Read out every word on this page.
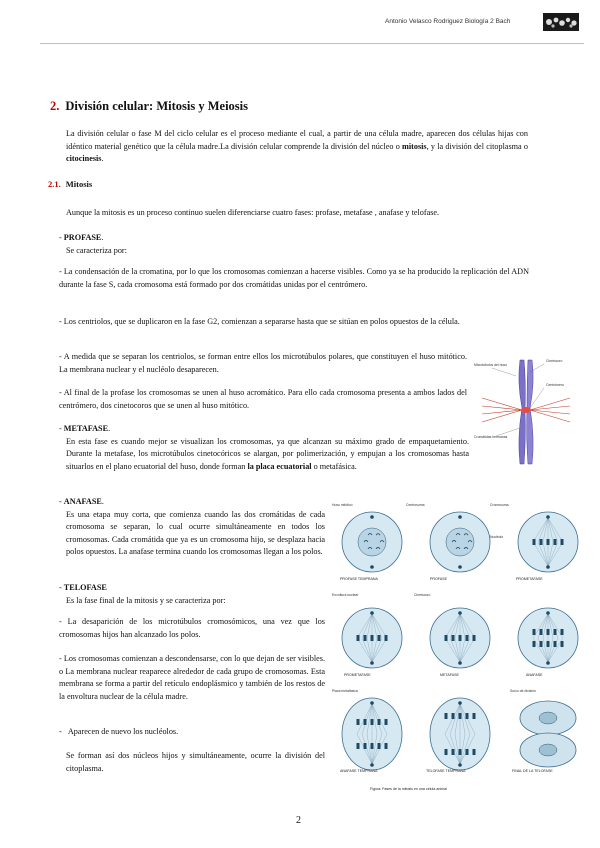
Antonio Velasco Rodriguez Biología 2 Bach
2. División celular: Mitosis y Meiosis
La división celular o fase M del ciclo celular es el proceso mediante el cual, a partir de una célula madre, aparecen dos células hijas con idéntico material genético que la célula madre.La división celular comprende la división del núcleo o mitosis, y la división del citoplasma o citocinesis.
2.1. Mitosis
Aunque la mitosis es un proceso continuo suelen diferenciarse cuatro fases: profase, metafase , anafase y telofase.
- PROFASE.
Se caracteriza por:
- La condensación de la cromatina, por lo que los cromosomas comienzan a hacerse visibles. Como ya se ha producido la replicación del ADN durante la fase S, cada cromosoma está formado por dos cromátidas unidas por el centrómero.
- Los centriolos, que se duplicaron en la fase G2, comienzan a separarse hasta que se sitúan en polos opuestos de la célula.
- A medida que se separan los centriolos, se forman entre ellos los microtúbulos polares, que constituyen el huso mitótico. La membrana nuclear y el nucléolo desaparecen.
- Al final de la profase los cromosomas se unen al huso acromático. Para ello cada cromosoma presenta a ambos lados del centrómero, dos cinetocoros que se unen al huso mitótico.
- METAFASE.

En esta fase es cuando mejor se visualizan los cromosomas, ya que alcanzan su máximo grado de empaquetamiento. Durante la metafase, los microtúbulos cinetocóricos se alargan, por polimerización, y empujan a los cromosomas hasta situarlos en el plano ecuatorial del huso, donde forman la placa ecuatorial o metafásica.
- ANAFASE.

Es una etapa muy corta, que comienza cuando las dos cromátidas de cada cromosoma se separan, lo cual ocurre simultáneamente en todos los cromosomas. Cada cromátida que ya es un cromosoma hijo, se desplaza hacia polos opuestos. La anafase termina cuando los cromosomas llegan a los polos.
- TELOFASE
Es la fase final de la mitosis y se caracteriza por:
- La desaparición de los microtúbulos cromosómicos, una vez que los cromosomas hijos han alcanzado los polos.
- Los cromosomas comienzan a descondensarse, con lo que dejan de ser visibles. o La membrana nuclear reaparece alrededor de cada grupo de cromosomas. Esta membrana se forma a partir del retículo endoplásmico y también de los restos de la envoltura nuclear de la célula madre.
-   Aparecen de nuevo los nucléolos.
Se forman así dos núcleos hijos y simultáneamente, ocurre la división del citoplasma.
Microtúbulos del huso
Cinetocoro
Centrómero
Cromátidas hermanas
PROFASE TEMPRANA	PROFASE	PROMETAFASE
PROMETAFASE	METAFASE	ANAFASE
ANAFASE TEMPRANA	TELOFASE TEMPRANA	FINAL DE LA TELOFASE
Huso mitótico	Centrosoma	Cromosoma
Nucléolo
Envoltura nuclear	Cinetocoro
Placa metafásica	Surco de división
Figura: Fases de la mitosis en una célula animal
2
